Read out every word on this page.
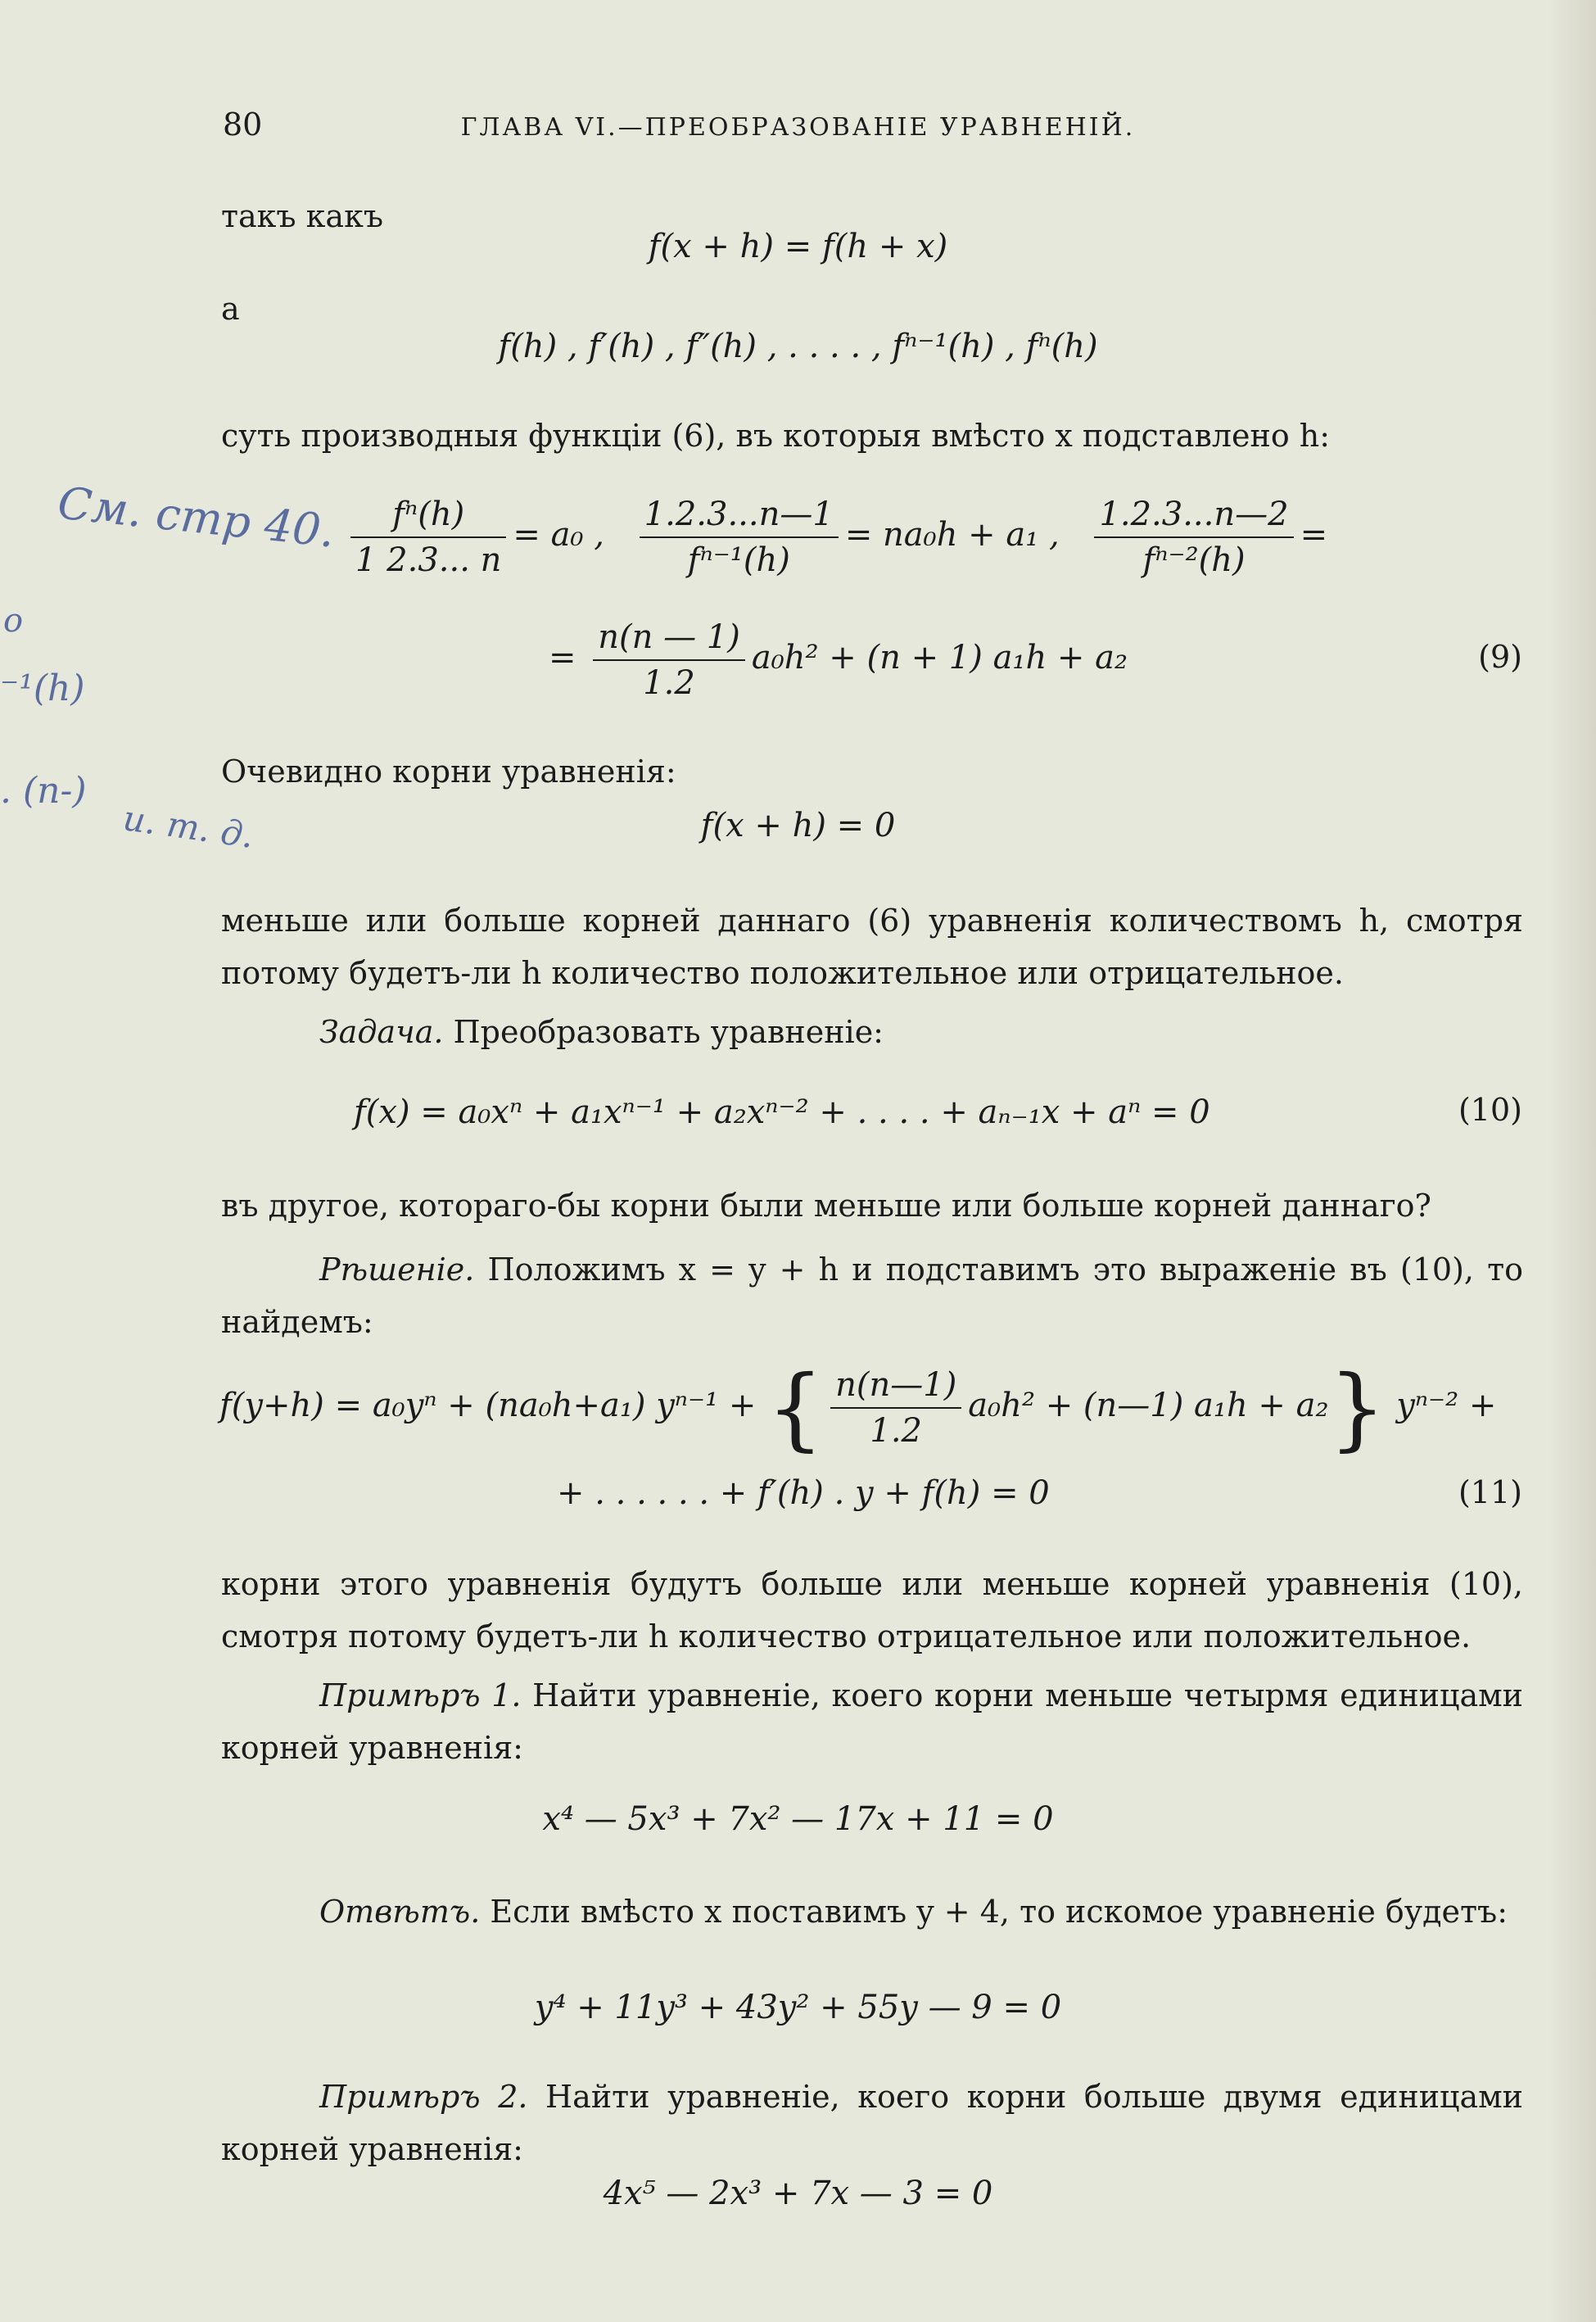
80	ГЛАВА VI.—ПРЕОБРАЗОВАНІЕ УРАВНЕНІЙ.
такъ какъ
f(x + h) = f(h + x)
а
f(h) , f′(h) , f″(h) , . . . . , fⁿ⁻¹(h) , fⁿ(h)
суть производныя функціи (6), въ которыя вмѣсто x подставлено h:
$\frac{\text{fⁿ(h)}}{1 2.3... n} = a_0$ , $\frac{1.2.3...n—1}{\text{fⁿ⁻¹(h)}} = na_0h + a_1$ , $\frac{1.2.3...n—2}{\text{fⁿ⁻²(h)}}$ =
= $\frac{n(n — 1)}{1.2} a_0h^2 + (n + 1) a_1h + a_2$	(9)
Очевидно корни уравненія:
f(x + h) = 0
меньше или больше корней даннаго (6) уравненія количествомъ h, смотря потому будетъ-ли h количество положительное или отрицательное.
Задача. Преобразовать уравненіе:
f(x) = a₀xⁿ + a₁xⁿ⁻¹ + a₂xⁿ⁻² + . . . . + aₙ₋₁x + aⁿ = 0	(10)
въ другое, котораго-бы корни были меньше или больше корней даннаго?
Рѣшеніе. Положимъ x = y + h и подставимъ это выраженіе въ (10), то найдемъ:
f(y+h) = a₀yⁿ + (na₀h+a₁) yⁿ⁻¹ + { $\frac{n(n—1)}{1.2} a_0h^2$ + (n—1) a₁h + a₂} yⁿ⁻² +
+ . . . . . . + f′(h) . y + f(h) = 0	(11)
корни этого уравненія будутъ больше или меньше корней уравненія (10), смотря потому будетъ-ли h количество отрицательное или положительное.
Примѣръ 1. Найти уравненіе, коего корни меньше четырмя единицами корней уравненія:
x⁴ — 5x³ + 7x² — 17x + 11 = 0
Отвѣтъ. Если вмѣсто x поставимъ y + 4, то искомое уравненіе будетъ:
y⁴ + 11y³ + 43y² + 55y — 9 = 0
Примѣръ 2. Найти уравненіе, коего корни больше двумя единицами корней уравненія:
4x⁵ — 2x³ + 7x — 3 = 0
См. стр 40.
о
⁻¹(h)
. (n-)
и. т. д.
